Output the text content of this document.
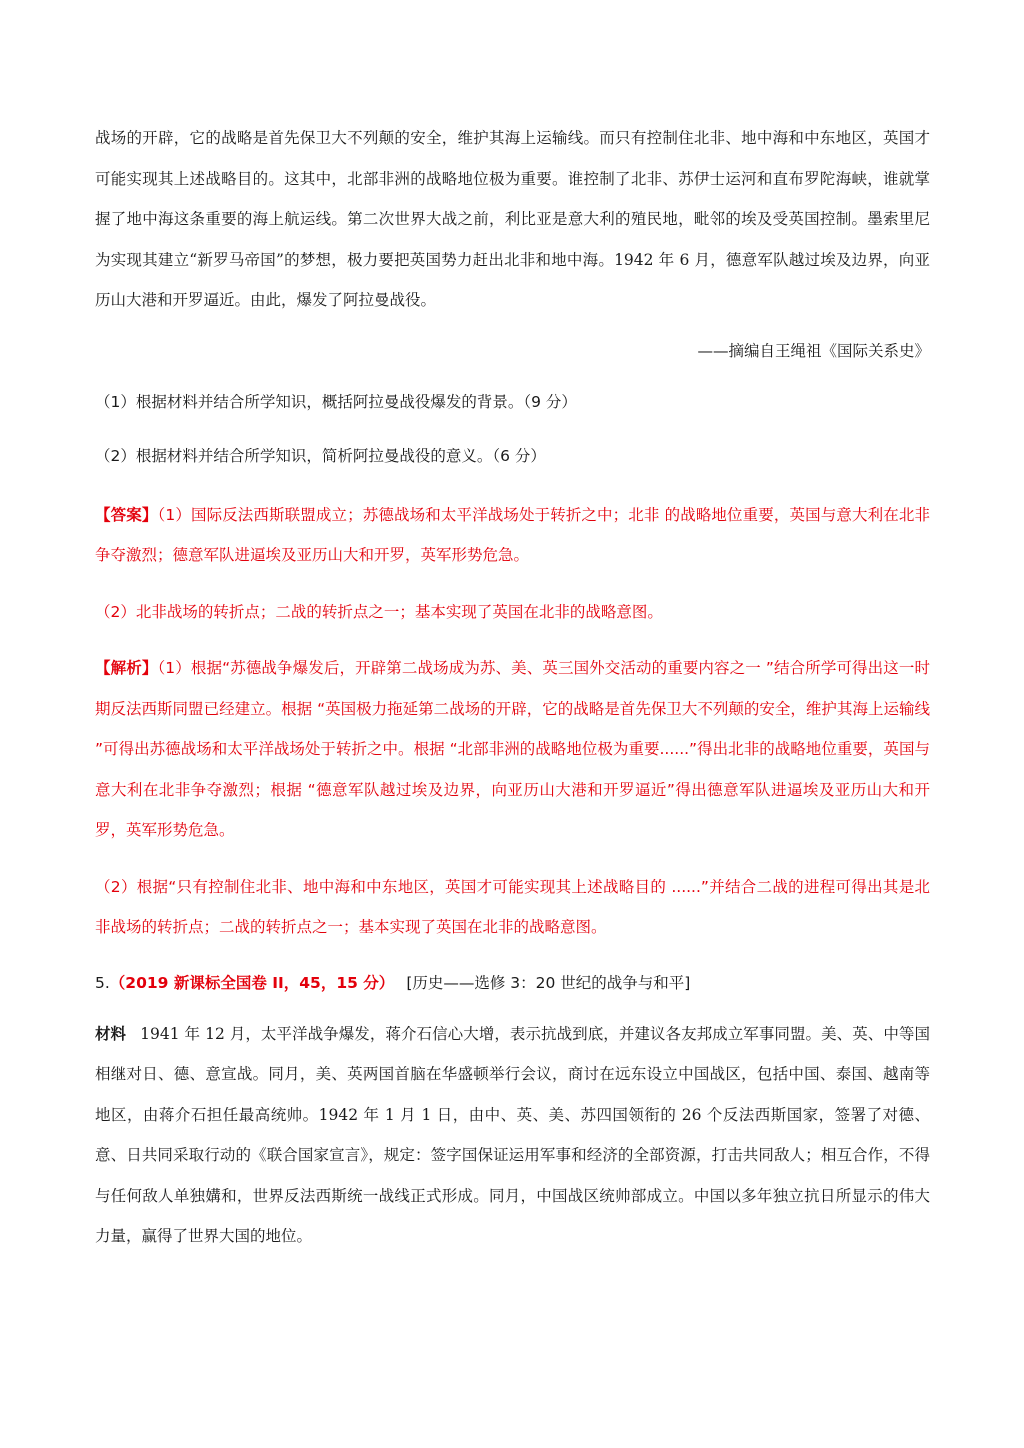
战场的开辟，它的战略是首先保卫大不列颠的安全，维护其海上运输线。而只有控制住北非、地中海和中东地区，英国才可能实现其上述战略目的。这其中，北部非洲的战略地位极为重要。谁控制了北非、苏伊士运河和直布罗陀海峡，谁就掌握了地中海这条重要的海上航运线。第二次世界大战之前，利比亚是意大利的殖民地，毗邻的埃及受英国控制。墨索里尼为实现其建立“新罗马帝国”的梦想，极力要把英国势力赶出北非和地中海。1942 年 6 月，德意军队越过埃及边界，向亚历山大港和开罗逼近。由此，爆发了阿拉曼战役。

——摘编自王绳祖《国际关系史》

（1）根据材料并结合所学知识，概括阿拉曼战役爆发的背景。（9 分）

（2）根据材料并结合所学知识，简析阿拉曼战役的意义。（6 分）

【答案】（1）国际反法西斯联盟成立；苏德战场和太平洋战场处于转折之中；北非 的战略地位重要，英国与意大利在北非争夺激烈；德意军队进逼埃及亚历山大和开罗，英军形势危急。

（2）北非战场的转折点；二战的转折点之一；基本实现了英国在北非的战略意图。

【解析】（1）根据“苏德战争爆发后，开辟第二战场成为苏、美、英三国外交活动的重要内容之一 ”结合所学可得出这一时期反法西斯同盟已经建立。根据 “英国极力拖延第二战场的开辟，它的战略是首先保卫大不列颠的安全，维护其海上运输线 ”可得出苏德战场和太平洋战场处于转折之中。根据 “北部非洲的战略地位极为重要......”得出北非的战略地位重要，英国与意大利在北非争夺激烈；根据 “德意军队越过埃及边界，向亚历山大港和开罗逼近”得出德意军队进逼埃及亚历山大和开罗，英军形势危急。

（2）根据“只有控制住北非、地中海和中东地区，英国才可能实现其上述战略目的 ......”并结合二战的进程可得出其是北非战场的转折点；二战的转折点之一；基本实现了英国在北非的战略意图。

5.（2019 新课标全国卷 II，45，15 分） [历史——选修 3：20 世纪的战争与和平]

材料 1941 年 12 月，太平洋战争爆发，蒋介石信心大增，表示抗战到底，并建议各友邦成立军事同盟。美、英、中等国相继对日、德、意宣战。同月，美、英两国首脑在华盛顿举行会议，商讨在远东设立中国战区，包括中国、泰国、越南等地区，由蒋介石担任最高统帅。1942 年 1 月 1 日，由中、英、美、苏四国领衔的 26 个反法西斯国家，签署了对德、意、日共同采取行动的《联合国家宣言》，规定：签字国保证运用军事和经济的全部资源，打击共同敌人；相互合作，不得与任何敌人单独媾和，世界反法西斯统一战线正式形成。同月，中国战区统帅部成立。中国以多年独立抗日所显示的伟大力量，赢得了世界大国的地位。
